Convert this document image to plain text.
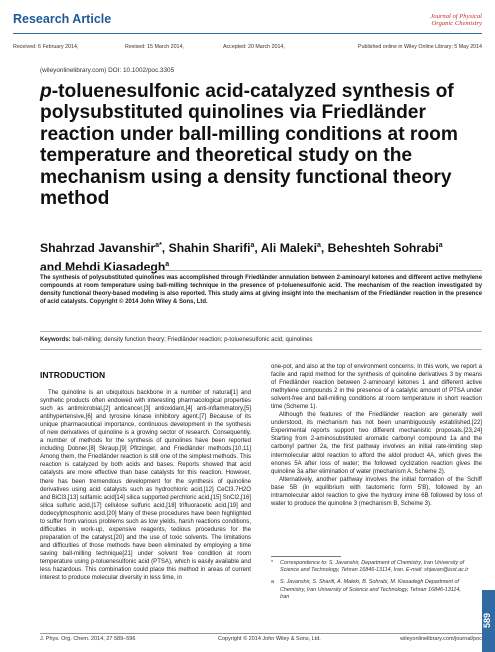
Research Article	Journal of Physical
Organic Chemistry
Received: 6 February 2014,	Revised: 15 March 2014,	Accepted: 20 March 2014,	Published online in Wiley Online Library: 5 May 2014
(wileyonlinelibrary.com) DOI: 10.1002/poc.3305
p-toluenesulfonic acid-catalyzed synthesis of polysubstituted quinolines via Friedländer reaction under ball-milling conditions at room temperature and theoretical study on the mechanism using a density functional theory method
Shahrzad Javanshir$^{a*}$, Shahin Sharifi$^a$, Ali Maleki$^a$, Beheshteh Sohrabi$^a$
and Mehdi Kiasadegh$^a$

The synthesis of polysubstituted quinolines was accomplished through Friedländer annulation between 2-aminoaryl ketones and different active methylene compounds at room temperature using ball-milling technique in the presence of p-toluenesulfonic acid. The mechanism of the reaction investigated by density functional theory-based modeling is also reported. This study aims at giving insight into the mechanism of the Friedländer reaction in the presence of acid catalysts. Copyright © 2014 John Wiley & Sons, Ltd.

Keywords: ball-milling; density function theory; Friedländer reaction; p-toluenesulfonic acid; quinolines
INTRODUCTION

The quinoline is an ubiquitous backbone in a number of natural[1] and synthetic products often endowed with interesting pharmacological properties such as antimicrobial,[2] anticancer,[3] antioxidant,[4] anti-inflammatory,[5] antihypertensive,[6] and tyrosine kinase inhibitory agent.[7] Because of its unique pharmaceutical importance, continuous development in the synthesis of new derivatives of quinoline is a growing sector of research. Consequently, a number of methods for the synthesis of quinolines have been reported including Dobner,[8] Skraup,[9] Pfitzinger, and Friedländer methods.[10,11] Among them, the Friedländer reaction is still one of the simplest methods. This reaction is catalyzed by both acids and bases. Reports showed that acid catalysts are more effective than base catalysts for this reaction. However, there has been tremendous development for the synthesis of quinoline derivatives using acid catalysts such as hydrochloric acid,[12] CeCl3.7H2O and BiCl3,[13] sulfamic acid[14] silica supported perchloric acid,[15] SnCl2,[16] silica sulfuric acid,[17] cellulose sulfuric acid,[18] trifluoracetic acid,[19] and dodecylphosphonic acid.[20] Many of these procedures have been highlighted to suffer from various problems such as low yields, harsh reactions conditions, difficulties in work-up, expensive reagents, tedious procedures for the preparation of the catalyst,[20] and the use of toxic solvents. The limitations and difficulties of those methods have been eliminated by employing a time saving ball-milling technique[21] under solvent free condition at room temperature using p-toluenesulfonic acid (PTSA), which is easily available and less hazardous. This combination could place this method in areas of current interest to produce molecular diversity in less time, in

one-pot, and also at the top of environment concerns. In this work, we report a facile and rapid method for the synthesis of quinoline derivatives 3 by means of Friedländer reaction between 2-aminoaryl ketones 1 and different active methylene compounds 2 in the presence of a catalytic amount of PTSA under solvent-free and ball-milling conditions at room temperature in short reaction time (Scheme 1).

Although the features of the Friedländer reaction are generally well understood, its mechanism has not been unambiguously established.[22] Experimental reports support two different mechanistic proposals.[23,24] Starting from 2-aminosubstituted aromatic carbonyl compound 1a and the carbonyl partner 2a, the first pathway involves an initial rate-limiting step intermolecular aldol reaction to afford the aldol product 4A, which gives the enones 5A after loss of water; the followed cyclization reaction gives the quinoline 3a after elimination of water (mechanism A, Scheme 2).

Alternatively, another pathway involves the initial formation of the Schiff base 5B (in equilibrium with tautomeric form 5'B), followed by an intramolecular aldol reaction to give the hydroxy imine 6B followed by loss of water to produce the quinoline 3 (mechanism B, Scheme 3).

*	Correspondence to: S. Javanshir, Department of Chemistry, Iran University of Science and Technology, Tehran 16846-13114, Iran. E-mail: shjavan@iust.ac.ir
a	S. Javanshir, S. Sharifi, A. Maleki, B. Sohrabi, M. Kiasadegh Department of Chemistry, Iran University of Science and Technology, Tehran 16846-13114, Iran
589
J. Phys. Org. Chem. 2014, 27 589–596	Copyright © 2014 John Wiley & Sons, Ltd.	wileyonlinelibrary.com/journal/poc
